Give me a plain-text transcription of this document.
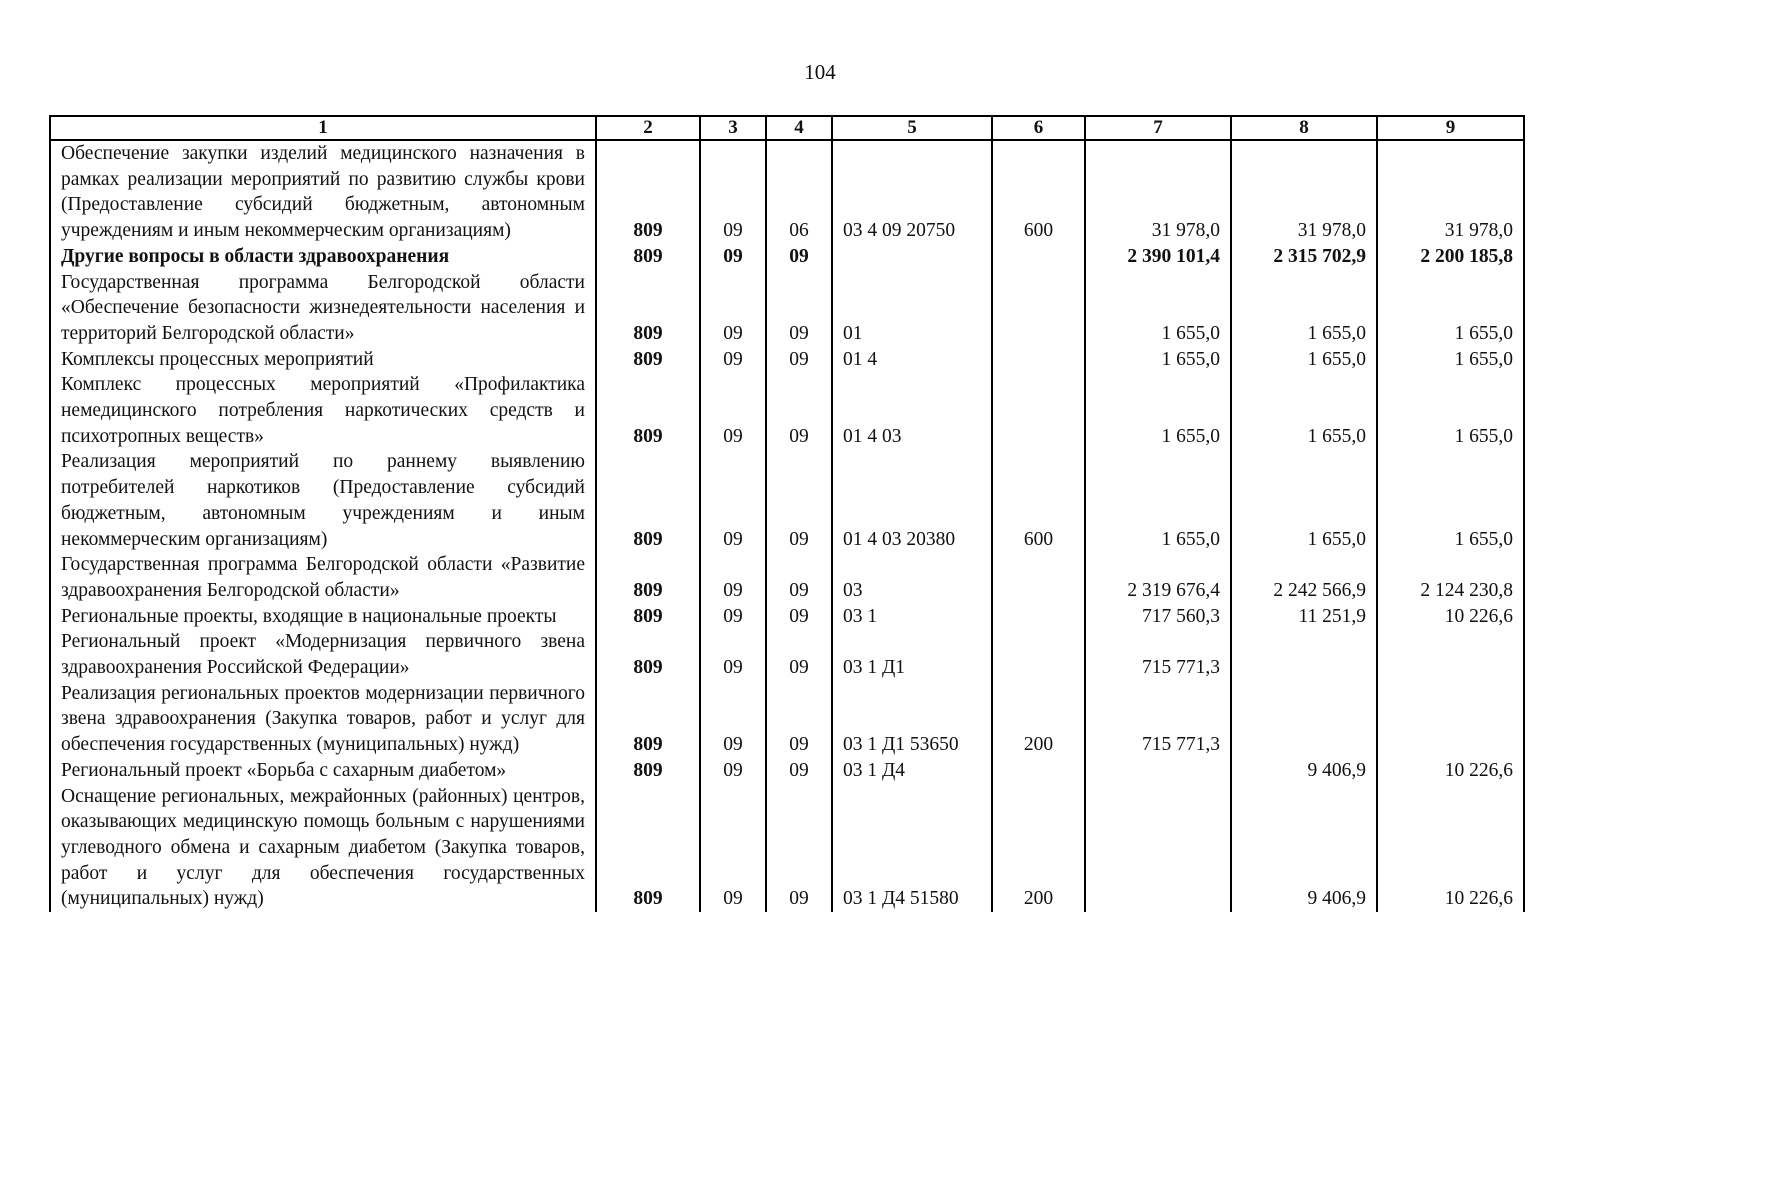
104
1	2	3	4	5	6	7	8	9
Обеспечение закупки изделий медицинского назначения в рамках реализации мероприятий по развитию службы крови (Предоставление субсидий бюджетным, автономным учреждениям и иным некоммерческим организациям)	809	09	06	03 4 09 20750	600	31 978,0	31 978,0	31 978,0
Другие вопросы в области здравоохранения	809	09	09			2 390 101,4	2 315 702,9	2 200 185,8
Государственная программа Белгородской области «Обеспечение безопасности жизнедеятельности населения и территорий Белгородской области»	809	09	09	01		1 655,0	1 655,0	1 655,0
Комплексы процессных мероприятий	809	09	09	01 4		1 655,0	1 655,0	1 655,0
Комплекс процессных мероприятий «Профилактика немедицинского потребления наркотических средств и психотропных веществ»	809	09	09	01 4 03		1 655,0	1 655,0	1 655,0
Реализация мероприятий по раннему выявлению потребителей наркотиков (Предоставление субсидий бюджетным, автономным учреждениям и иным некоммерческим организациям)	809	09	09	01 4 03 20380	600	1 655,0	1 655,0	1 655,0
Государственная программа Белгородской области «Развитие здравоохранения Белгородской области»	809	09	09	03		2 319 676,4	2 242 566,9	2 124 230,8
Региональные проекты, входящие в национальные проекты	809	09	09	03 1		717 560,3	11 251,9	10 226,6
Региональный проект «Модернизация первичного звена здравоохранения Российской Федерации»	809	09	09	03 1 Д1		715 771,3		
Реализация региональных проектов модернизации первичного звена здравоохранения (Закупка товаров, работ и услуг для обеспечения государственных (муниципальных) нужд)	809	09	09	03 1 Д1 53650	200	715 771,3		
Региональный проект «Борьба с сахарным диабетом»	809	09	09	03 1 Д4			9 406,9	10 226,6
Оснащение региональных, межрайонных (районных) центров, оказывающих медицинскую помощь больным с нарушениями углеводного обмена и сахарным диабетом (Закупка товаров, работ и услуг для обеспечения государственных (муниципальных) нужд)	809	09	09	03 1 Д4 51580	200		9 406,9	10 226,6
